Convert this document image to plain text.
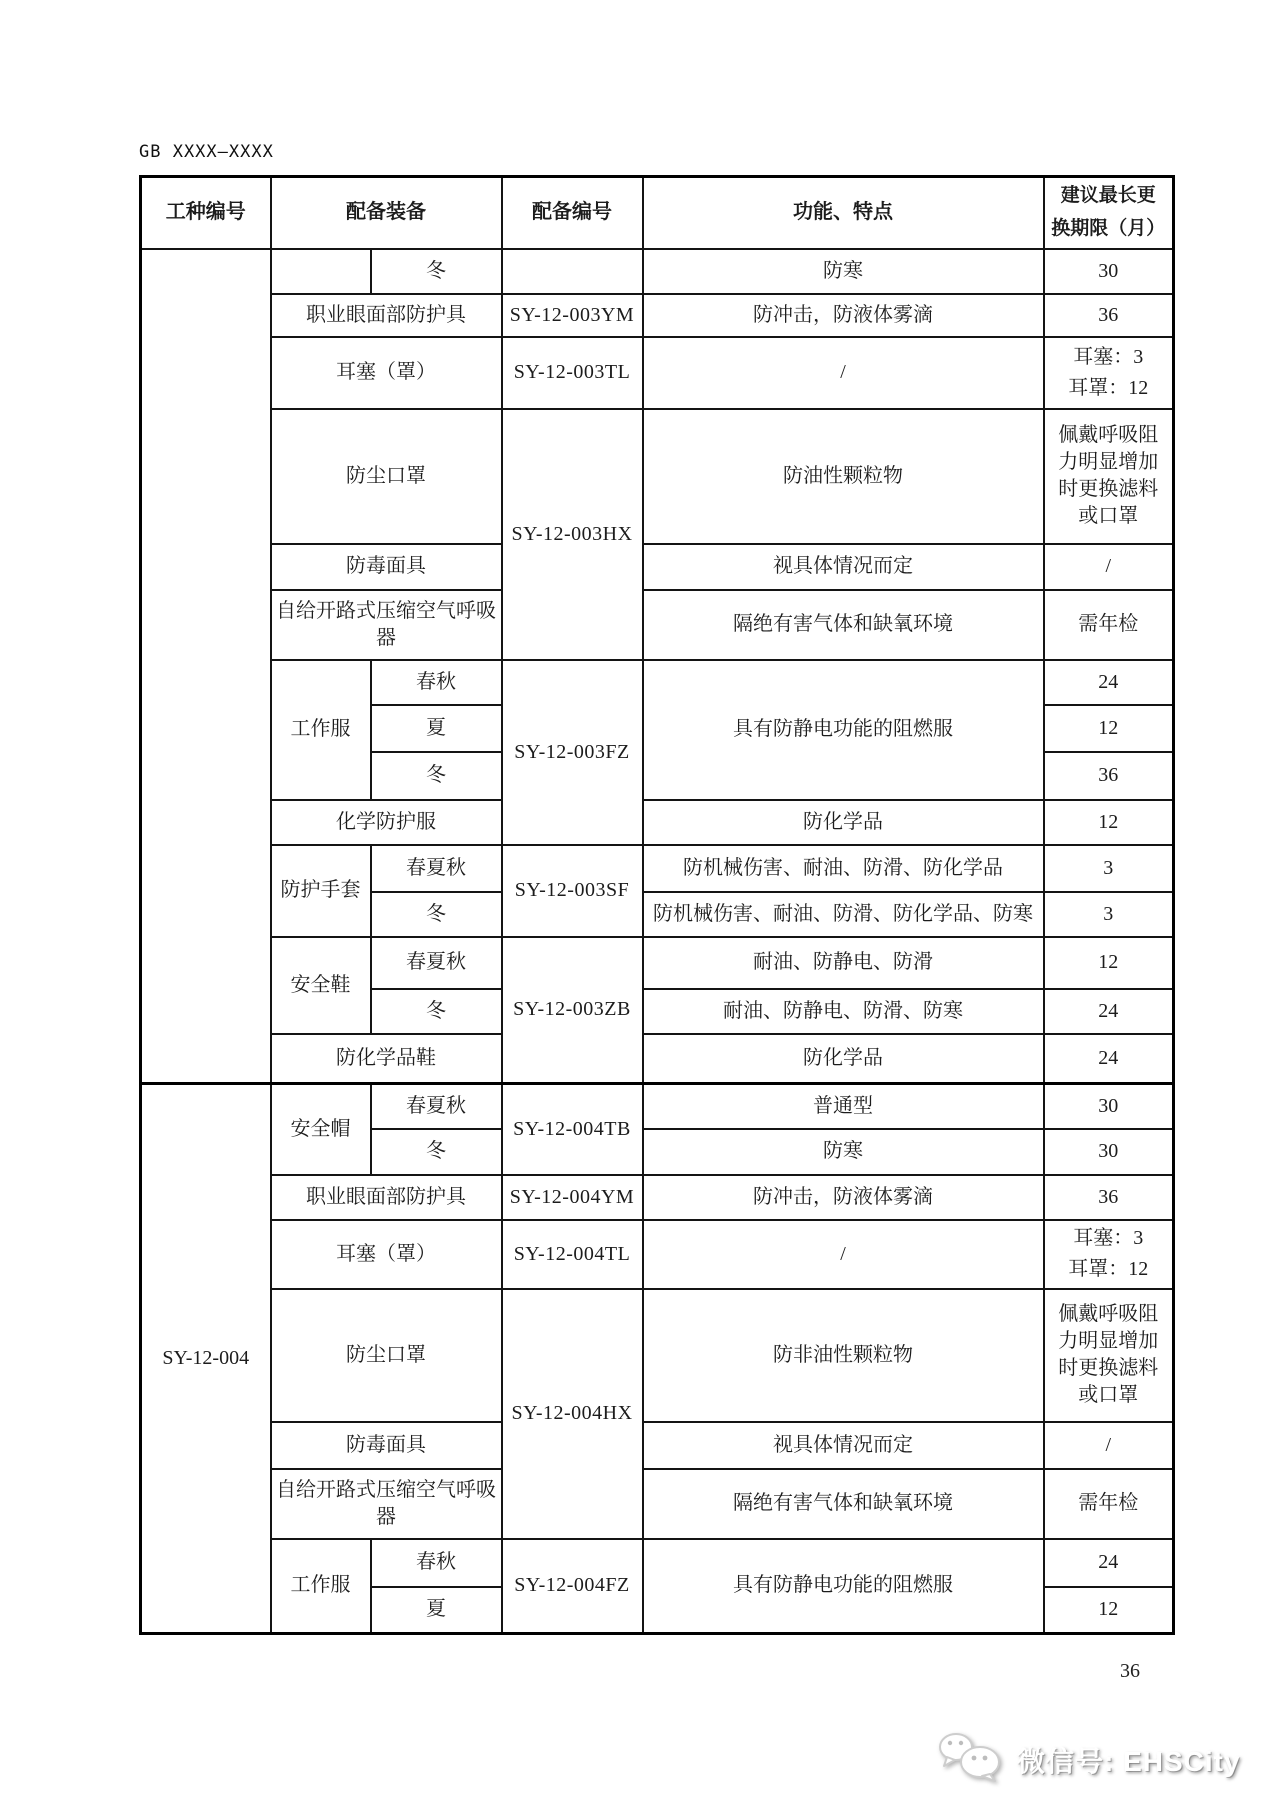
GB XXXX—XXXX
工种编号	配备装备		配备编号	功能、特点	建议最长更
换期限（月）

		冬		防寒	30
	职业眼面部防护具		SY-12-003YM	防冲击，防液体雾滴	36
	耳塞（罩）		SY-12-003TL	/	耳塞：3
耳罩：12

	防尘口罩		SY-12-003HX	防油性颗粒物	佩戴呼吸阻力明显增加时更换滤料或口罩
	防毒面具			视具体情况而定	/
	自给开路式压缩空气呼吸器			隔绝有害气体和缺氧环境	需年检
	工作服	春秋	SY-12-003FZ	具有防静电功能的阻燃服	24
		夏			12
		冬			36
	化学防护服			防化学品	12
	防护手套	春夏秋	SY-12-003SF	防机械伤害、耐油、防滑、防化学品	3
		冬		防机械伤害、耐油、防滑、防化学品、防寒	3
	安全鞋	春夏秋	SY-12-003ZB	耐油、防静电、防滑	12
		冬		耐油、防静电、防滑、防寒	24
	防化学品鞋			防化学品	24
SY-12-004	安全帽	春夏秋	SY-12-004TB	普通型	30
		冬		防寒	30
	职业眼面部防护具		SY-12-004YM	防冲击，防液体雾滴	36
	耳塞（罩）		SY-12-004TL	/	耳塞：3
耳罩：12

	防尘口罩		SY-12-004HX	防非油性颗粒物	佩戴呼吸阻力明显增加时更换滤料或口罩
	防毒面具			视具体情况而定	/
	自给开路式压缩空气呼吸器			隔绝有害气体和缺氧环境	需年检
	工作服	春秋	SY-12-004FZ	具有防静电功能的阻燃服	24
		夏			12
36
微信号: EHSCity
